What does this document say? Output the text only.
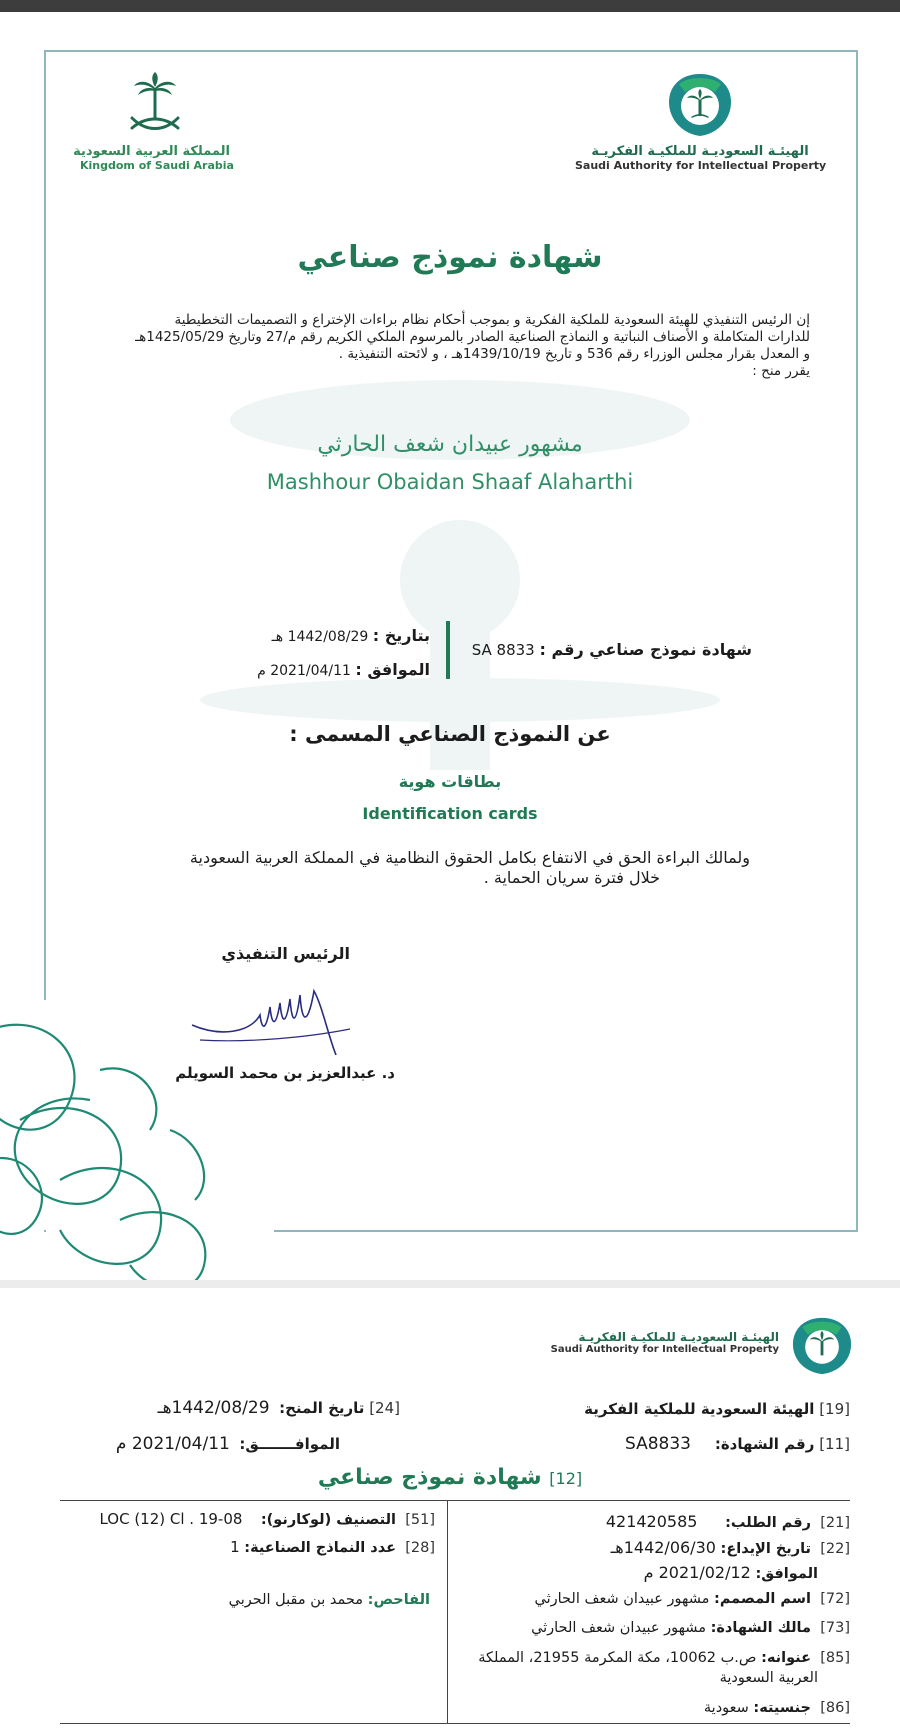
الهيئـة السعوديـة للملكيـة الفكريـة
Saudi Authority for Intellectual Property
المملكة العربية السعودية
Kingdom of Saudi Arabia
شهادة نموذج صناعي
إن الرئيس التنفيذي للهيئة السعودية للملكية الفكرية و بموجب أحكام نظام براءات الإختراع و التصميمات التخطيطية
للدارات المتكاملة و الأصناف النباتية و النماذج الصناعية الصادر بالمرسوم الملكي الكريم رقم م/27 وتاريخ 1425/05/29هـ
و المعدل بقرار مجلس الوزراء رقم 536 و تاريخ 1439/10/19هـ ، و لائحته التنفيذية .
يقرر منح :
مشهور عبيدان شعف الحارثي
Mashhour Obaidan Shaaf Alaharthi
بتاريخ : 1442/08/29 هـ
الموافق : 2021/04/11 م
شهادة نموذج صناعي رقم : SA 8833
عن النموذج الصناعي المسمى :
بطاقات هوية
Identification cards
ولمالك البراءة الحق في الانتفاع بكامل الحقوق النظامية في المملكة العربية السعودية
خلال فترة سريان الحماية .
الرئيس التنفيذي
د. عبدالعزيز بن محمد السويلم
الهيئـة السعوديـة للملكيـة الفكريـة
Saudi Authority for Intellectual Property
[19] الهيئة السعودية للملكية الفكرية
[24] تاريخ المنح:  1442/08/29هـ
[11] رقم الشهادة:     SA8833
الموافـــــــق:  2021/04/11 م
[12] شهادة نموذج صناعي
[21]  رقم الطلب:      421420585
[22]  تاريخ الإيداع: 1442/06/30هـ
الموافق: 2021/02/12 م
[72]  اسم المصمم: مشهور عبيدان شعف الحارثي
[73]  مالك الشهادة: مشهور عبيدان شعف الحارثي
[85]  عنوانه: ص.ب 10062، مكة المكرمة 21955، المملكة
العربية السعودية
[86]  جنسيته: سعودية
[51]  التصنيف (لوكارنو):    LOC (12) Cl . 19-08
[28]  عدد النماذج الصناعية: 1
الفاحص: محمد بن مقبل الحربي
